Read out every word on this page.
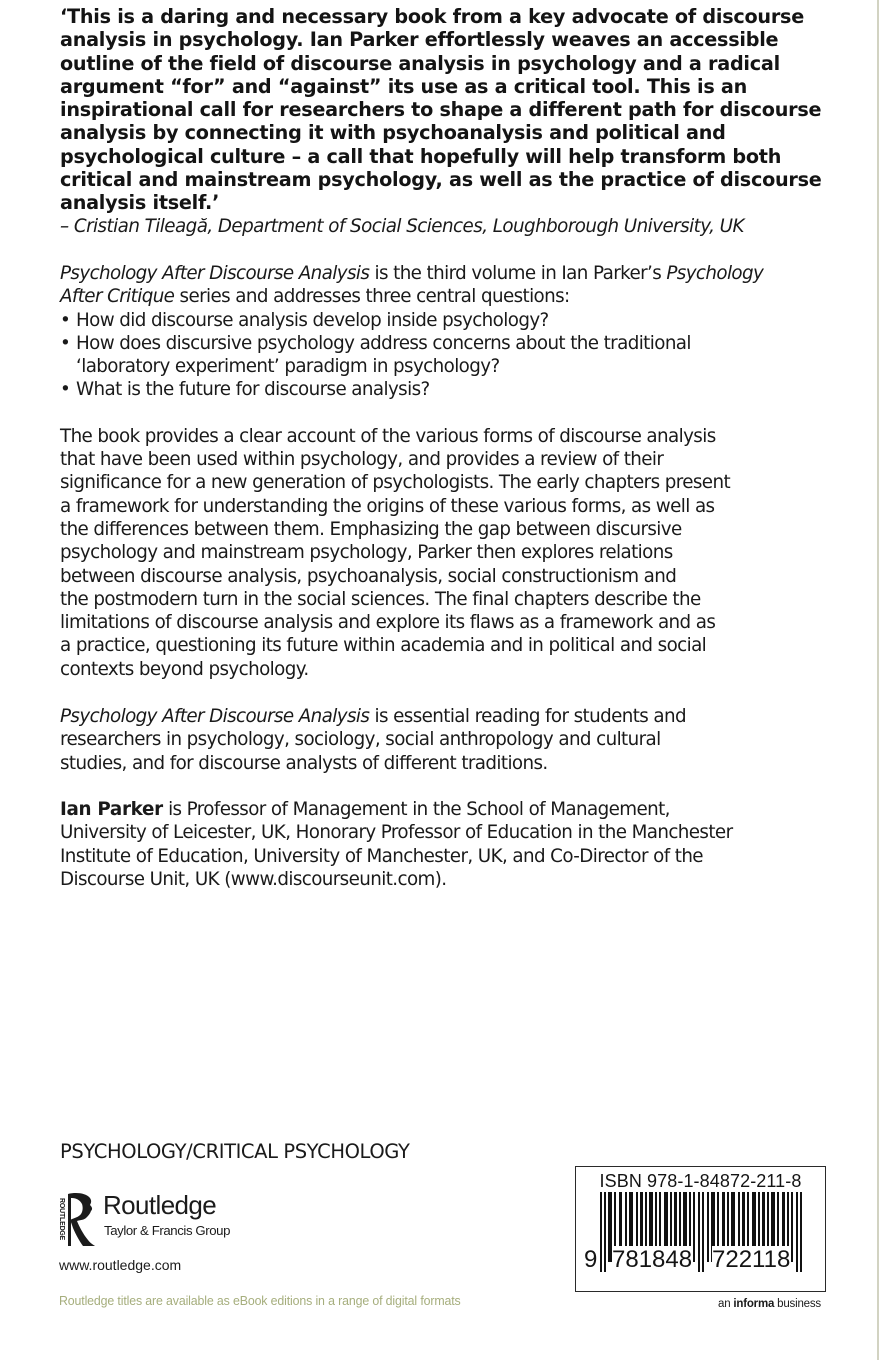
‘This is a daring and necessary book from a key advocate of discourse
analysis in psychology. Ian Parker effortlessly weaves an accessible
outline of the field of discourse analysis in psychology and a radical
argument “for” and “against” its use as a critical tool. This is an
inspirational call for researchers to shape a different path for discourse
analysis by connecting it with psychoanalysis and political and
psychological culture – a call that hopefully will help transform both
critical and mainstream psychology, as well as the practice of discourse
analysis itself.’

– Cristian Tileagă, Department of Social Sciences, Loughborough University, UK

Psychology After Discourse Analysis is the third volume in Ian Parker’s Psychology
After Critique series and addresses three central questions:
• How did discourse analysis develop inside psychology?
• How does discursive psychology address concerns about the traditional
‘laboratory experiment’ paradigm in psychology?
• What is the future for discourse analysis?
The book provides a clear account of the various forms of discourse analysis
that have been used within psychology, and provides a review of their
significance for a new generation of psychologists. The early chapters present
a framework for understanding the origins of these various forms, as well as
the differences between them. Emphasizing the gap between discursive
psychology and mainstream psychology, Parker then explores relations
between discourse analysis, psychoanalysis, social constructionism and
the postmodern turn in the social sciences. The final chapters describe the
limitations of discourse analysis and explore its flaws as a framework and as
a practice, questioning its future within academia and in political and social
contexts beyond psychology.
Psychology After Discourse Analysis is essential reading for students and
researchers in psychology, sociology, social anthropology and cultural
studies, and for discourse analysts of different traditions.
Ian Parker is Professor of Management in the School of Management,
University of Leicester, UK, Honorary Professor of Education in the Manchester
Institute of Education, University of Manchester, UK, and Co-Director of the
Discourse Unit, UK (www.discourseunit.com).
PSYCHOLOGY/CRITICAL PSYCHOLOGY
ROUTLEDGE Routledge
Taylor & Francis Group
www.routledge.com
Routledge titles are available as eBook editions in a range of digital formats
ISBN 978-1-84872-211-8
9 781848 722118
an informa business
